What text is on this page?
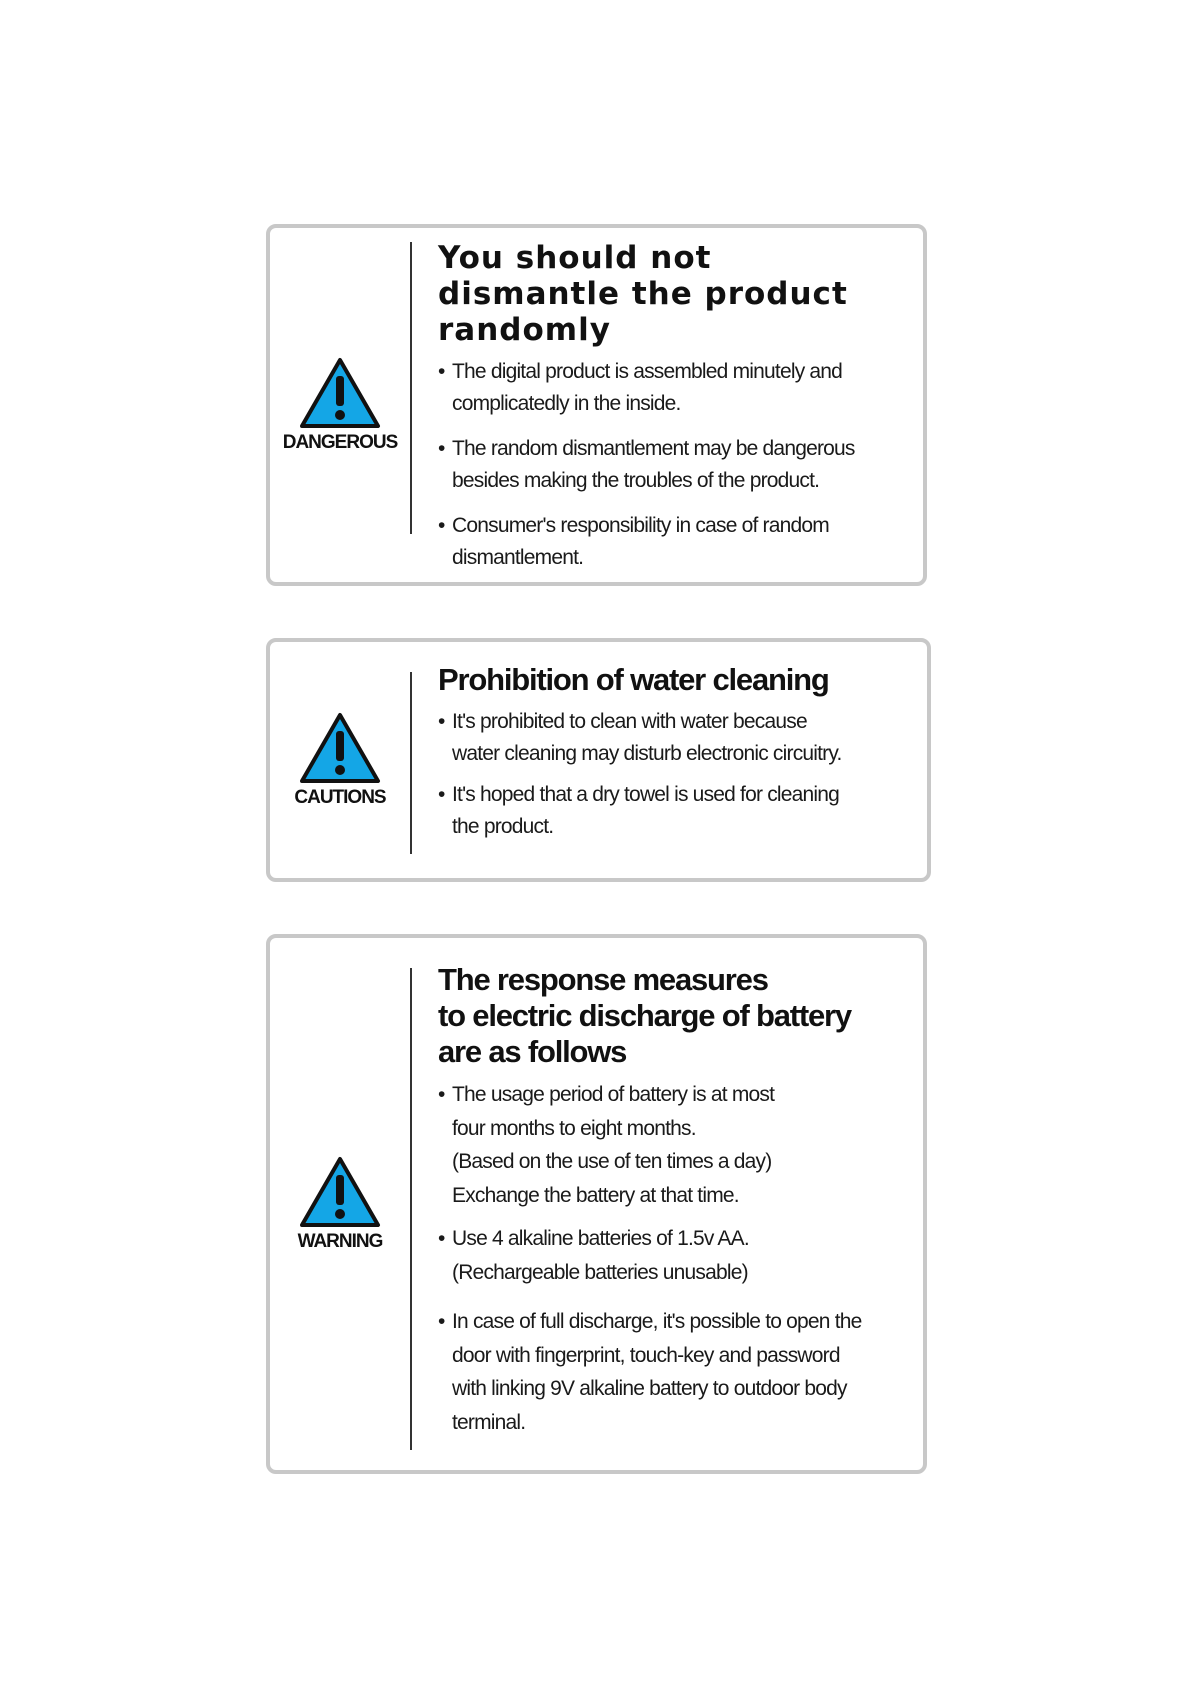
DANGEROUS
You should not
dismantle the product
randomly
• The digital product is assembled minutely and
complicatedly in the inside.
• The random dismantlement may be dangerous
besides making the troubles of the product.
• Consumer's responsibility in case of random
dismantlement.
CAUTIONS
Prohibition of water cleaning
• It's prohibited to clean with water because
water cleaning may disturb electronic circuitry.
• It's hoped that a dry towel is used for cleaning
the product.
WARNING
The response measures
to electric discharge of battery
are as follows
• The usage period of battery is at most
four months to eight months.
(Based on the use of ten times a day)
Exchange the battery at that time.
• Use 4 alkaline batteries of 1.5v AA.
(Rechargeable batteries unusable)
• In case of full discharge, it's possible to open the
door with fingerprint, touch-key and password
with linking 9V alkaline battery to outdoor body
terminal.
